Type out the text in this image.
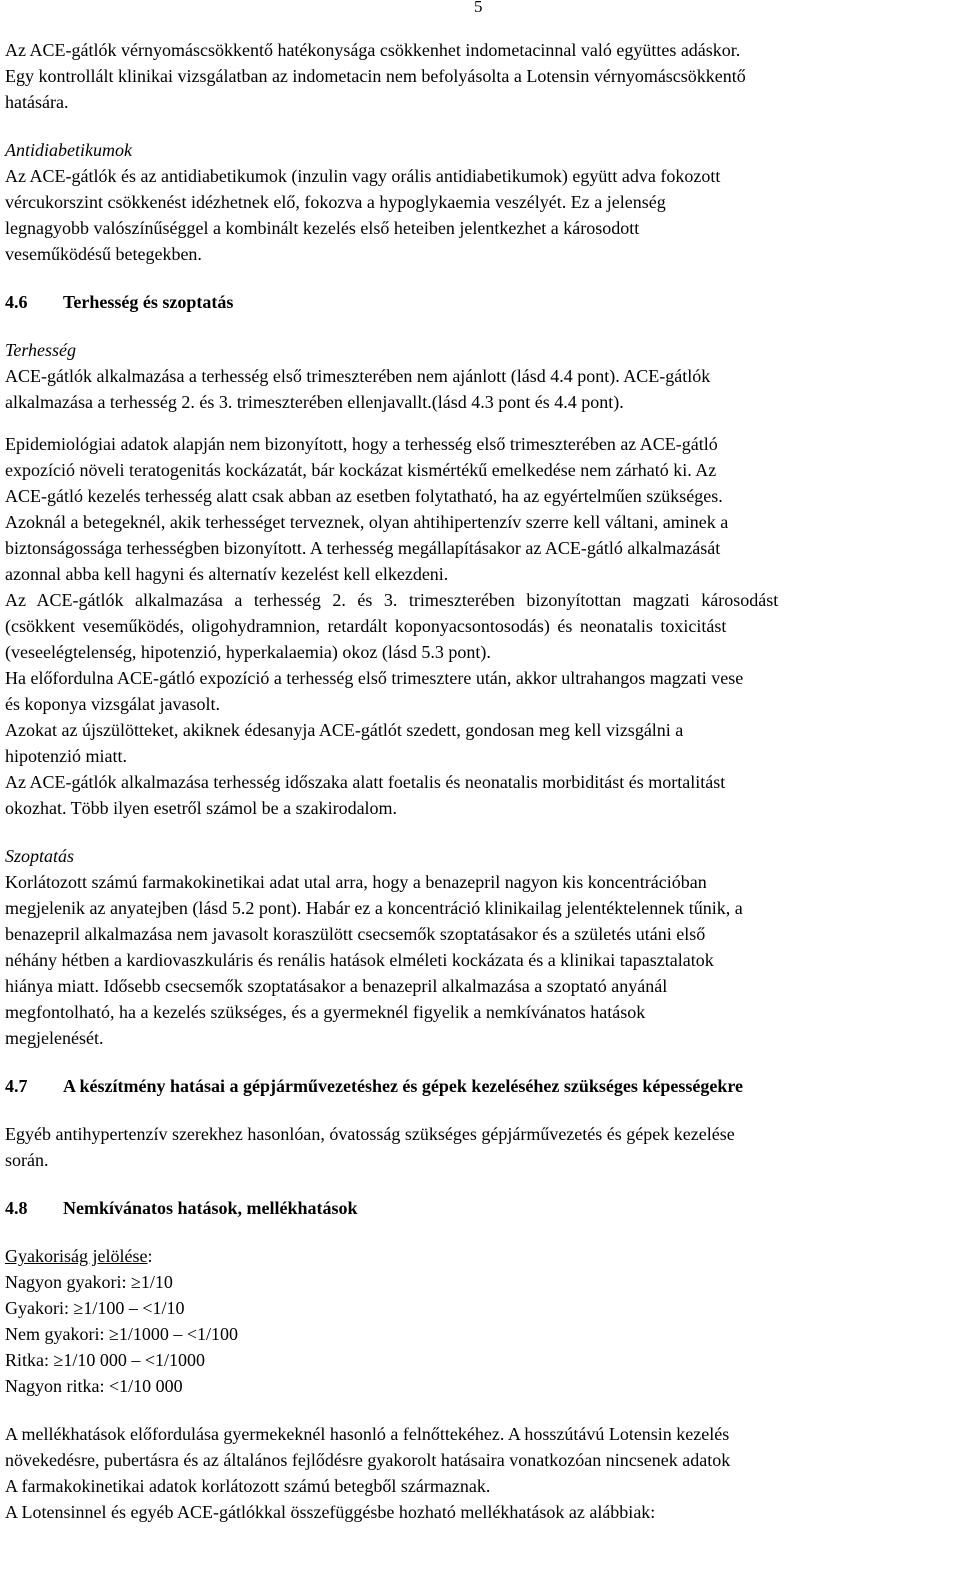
5

Az ACE-gátlók vérnyomáscsökkentő hatékonysága csökkenhet indometacinnal való együttes adáskor.

Egy kontrollált klinikai vizsgálatban az indometacin nem befolyásolta a Lotensin vérnyomáscsökkentő

hatására.

Antidiabetikumok

Az ACE-gátlók és az antidiabetikumok (inzulin vagy orális antidiabetikumok) együtt adva fokozott

vércukorszint csökkenést idézhetnek elő, fokozva a hypoglykaemia veszélyét. Ez a jelenség

legnagyobb valószínűséggel a kombinált kezelés első heteiben jelentkezhet a károsodott

veseműködésű betegekben.

4.6	Terhesség és szoptatás

Terhesség

ACE-gátlók alkalmazása a terhesség első trimeszterében nem ajánlott (lásd 4.4 pont). ACE-gátlók

alkalmazása a terhesség 2. és 3. trimeszterében ellenjavallt.(lásd 4.3 pont és 4.4 pont).

Epidemiológiai adatok alapján nem bizonyított, hogy a terhesség első trimeszterében az ACE-gátló

expozíció növeli teratogenitás kockázatát, bár kockázat kismértékű emelkedése nem zárható ki. Az

ACE-gátló kezelés terhesség alatt csak abban az esetben folytatható, ha az egyértelműen szükséges.

Azoknál a betegeknél, akik terhességet terveznek, olyan ahtihipertenzív szerre kell váltani, aminek a

biztonságossága terhességben bizonyított. A terhesség megállapításakor az ACE-gátló alkalmazását

azonnal abba kell hagyni és alternatív kezelést kell elkezdeni.

Az ACE-gátlók alkalmazása a terhesség 2. és 3. trimeszterében bizonyítottan magzati károsodást

(csökkent veseműködés, oligohydramnion, retardált koponyacsontosodás) és neonatalis toxicitást

(veseelégtelenség, hipotenzió, hyperkalaemia) okoz (lásd 5.3 pont).

Ha előfordulna ACE-gátló expozíció a terhesség első trimesztere után, akkor ultrahangos magzati vese

és koponya vizsgálat javasolt.

Azokat az újszülötteket, akiknek édesanyja ACE-gátlót szedett, gondosan meg kell vizsgálni a

hipotenzió miatt.

Az ACE-gátlók alkalmazása terhesség időszaka alatt foetalis és neonatalis morbiditást és mortalitást

okozhat. Több ilyen esetről számol be a szakirodalom.

Szoptatás

Korlátozott számú farmakokinetikai adat utal arra, hogy a benazepril nagyon kis koncentrációban

megjelenik az anyatejben (lásd 5.2 pont). Habár ez a koncentráció klinikailag jelentéktelennek tűnik, a

benazepril alkalmazása nem javasolt koraszülött csecsemők szoptatásakor és a születés utáni első

néhány hétben a kardiovaszkuláris és renális hatások elméleti kockázata és a klinikai tapasztalatok

hiánya miatt. Idősebb csecsemők szoptatásakor a benazepril alkalmazása a szoptató anyánál

megfontolható, ha a kezelés szükséges, és a gyermeknél figyelik a nemkívánatos hatások

megjelenését.

4.7	A készítmény hatásai a gépjárművezetéshez és gépek kezeléséhez szükséges képességekre

Egyéb antihypertenzív szerekhez hasonlóan, óvatosság szükséges gépjárművezetés és gépek kezelése

során.

4.8	Nemkívánatos hatások, mellékhatások

Gyakoriság jelölése:

Nagyon gyakori: ≥1/10

Gyakori: ≥1/100 – <1/10

Nem gyakori: ≥1/1000 – <1/100

Ritka: ≥1/10 000 – <1/1000

Nagyon ritka: <1/10 000

A mellékhatások előfordulása gyermekeknél hasonló a felnőttekéhez. A hosszútávú Lotensin kezelés

növekedésre, pubertásra és az általános fejlődésre gyakorolt hatásaira vonatkozóan nincsenek adatok

A farmakokinetikai adatok korlátozott számú betegből származnak.

A Lotensinnel és egyéb ACE-gátlókkal összefüggésbe hozható mellékhatások az alábbiak:
